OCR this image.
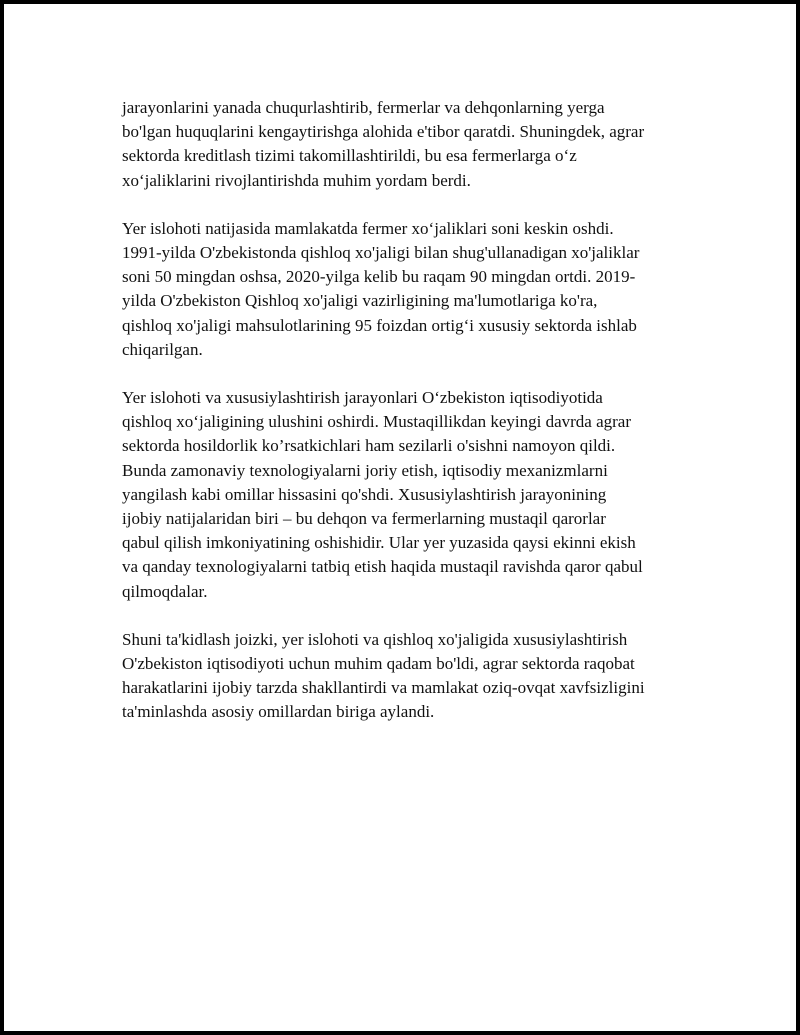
jarayonlarini yanada chuqurlashtirib, fermerlar va dehqonlarning yerga
bo'lgan huquqlarini kengaytirishga alohida e'tibor qaratdi. Shuningdek, agrar
sektorda kreditlash tizimi takomillashtirildi, bu esa fermerlarga o‘z
xo‘jaliklarini rivojlantirishda muhim yordam berdi.

Yer islohoti natijasida mamlakatda fermer xo‘jaliklari soni keskin oshdi.
1991-yilda O'zbekistonda qishloq xo'jaligi bilan shug'ullanadigan xo'jaliklar
soni 50 mingdan oshsa, 2020-yilga kelib bu raqam 90 mingdan ortdi. 2019-
yilda O'zbekiston Qishloq xo'jaligi vazirligining ma'lumotlariga ko'ra,
qishloq xo'jaligi mahsulotlarining 95 foizdan ortig‘i xususiy sektorda ishlab
chiqarilgan.

Yer islohoti va xususiylashtirish jarayonlari O‘zbekiston iqtisodiyotida
qishloq xo‘jaligining ulushini oshirdi. Mustaqillikdan keyingi davrda agrar
sektorda hosildorlik ko’rsatkichlari ham sezilarli o'sishni namoyon qildi.
Bunda zamonaviy texnologiyalarni joriy etish, iqtisodiy mexanizmlarni
yangilash kabi omillar hissasini qo'shdi. Xususiylashtirish jarayonining
ijobiy natijalaridan biri – bu dehqon va fermerlarning mustaqil qarorlar
qabul qilish imkoniyatining oshishidir. Ular yer yuzasida qaysi ekinni ekish
va qanday texnologiyalarni tatbiq etish haqida mustaqil ravishda qaror qabul
qilmoqdalar.

Shuni ta'kidlash joizki, yer islohoti va qishloq xo'jaligida xususiylashtirish
O'zbekiston iqtisodiyoti uchun muhim qadam bo'ldi, agrar sektorda raqobat
harakatlarini ijobiy tarzda shakllantirdi va mamlakat oziq-ovqat xavfsizligini
ta'minlashda asosiy omillardan biriga aylandi.
